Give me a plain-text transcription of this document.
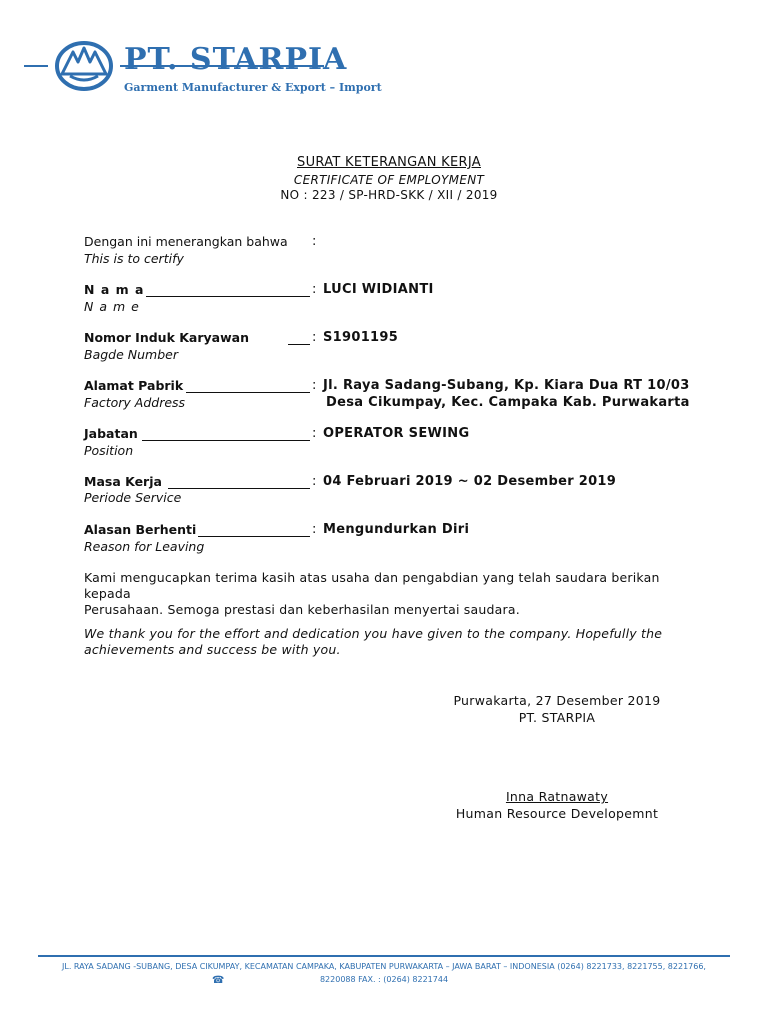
PT. STARPIA
Garment Manufacturer & Export – Import
SURAT KETERANGAN KERJA
CERTIFICATE OF EMPLOYMENT
NO : 223 / SP-HRD-SKK / XII / 2019
Dengan ini menerangkan bahwa :
This is to certify
N a m a	: LUCI WIDIANTI
N a m e
Nomor Induk Karyawan	: S1901195
Bagde Number
Alamat Pabrik	: Jl. Raya Sadang-Subang, Kp. Kiara Dua RT 10/03
Factory Address	Desa Cikumpay, Kec. Campaka Kab. Purwakarta
Jabatan	: OPERATOR SEWING
Position
Masa Kerja	: 04 Februari 2019 ~ 02 Desember 2019
Periode Service
Alasan Berhenti	: Mengundurkan Diri
Reason for Leaving
Kami mengucapkan terima kasih atas usaha dan pengabdian yang telah saudara berikan kepada
Perusahaan. Semoga prestasi dan keberhasilan menyertai saudara.
We thank you for the effort and dedication you have given to the company. Hopefully the
achievements and success be with you.
Purwakarta, 27 Desember 2019
PT. STARPIA
Inna Ratnawaty
Human Resource Developemnt
JL. RAYA SADANG -SUBANG, DESA CIKUMPAY, KECAMATAN CAMPAKA, KABUPATEN PURWAKARTA – JAWA BARAT – INDONESIA (0264) 8221733, 8221755, 8221766,
☎	8220088 FAX. : (0264) 8221744
